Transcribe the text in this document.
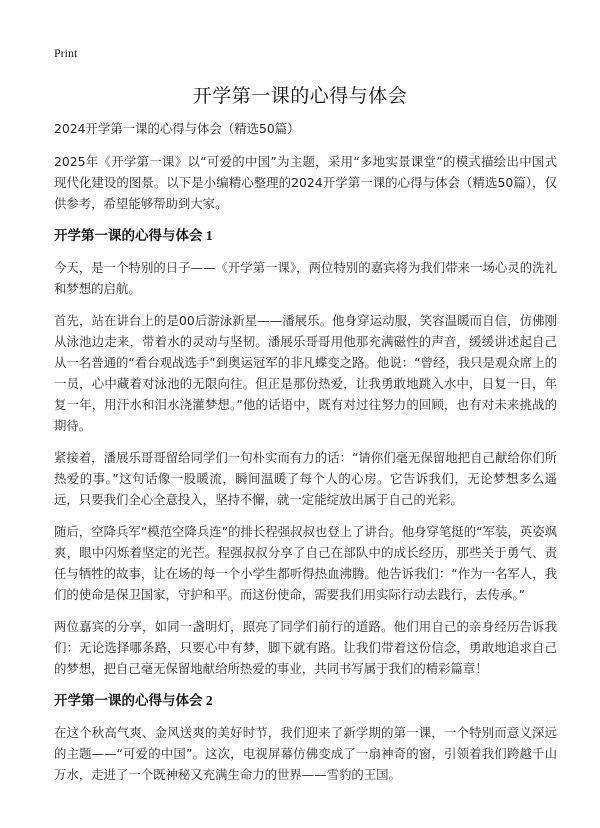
Print
开学第一课的心得与体会

2024开学第一课的心得与体会（精选50篇）

2025年《开学第一课》以“可爱的中国”为主题，采用“多地实景课堂”的模式描绘出中国式现代化建设的图景。以下是小编精心整理的2024开学第一课的心得与体会（精选50篇），仅供参考，希望能够帮助到大家。

开学第一课的心得与体会 1

今天，是一个特别的日子——《开学第一课》，两位特别的嘉宾将为我们带来一场心灵的洗礼和梦想的启航。

首先，站在讲台上的是00后游泳新星——潘展乐。他身穿运动服，笑容温暖而自信，仿佛刚从泳池边走来，带着水的灵动与坚韧。潘展乐哥哥用他那充满磁性的声音，缓缓讲述起自己从一名普通的“看台观战选手”到奥运冠军的非凡蝶变之路。他说：“曾经，我只是观众席上的一员，心中藏着对泳池的无限向往。但正是那份热爱，让我勇敢地跳入水中，日复一日，年复一年，用汗水和泪水浇灌梦想。”他的话语中，既有对过往努力的回顾，也有对未来挑战的期待。

紧接着，潘展乐哥哥留给同学们一句朴实而有力的话：“请你们毫无保留地把自己献给你们所热爱的事。”这句话像一股暖流，瞬间温暖了每个人的心房。它告诉我们，无论梦想多么遥远，只要我们全心全意投入，坚持不懈，就一定能绽放出属于自己的光彩。

随后，空降兵军“模范空降兵连”的排长程强叔叔也登上了讲台。他身穿笔挺的“军装，英姿飒爽，眼中闪烁着坚定的光芒。程强叔叔分享了自己在部队中的成长经历，那些关于勇气、责任与牺牲的故事，让在场的每一个小学生都听得热血沸腾。他告诉我们：“作为一名军人，我们的使命是保卫国家，守护和平。而这份使命，需要我们用实际行动去践行，去传承。”

两位嘉宾的分享，如同一盏明灯，照亮了同学们前行的道路。他们用自己的亲身经历告诉我们：无论选择哪条路，只要心中有梦，脚下就有路。让我们带着这份信念，勇敢地追求自己的梦想，把自己毫无保留地献给所热爱的事业，共同书写属于我们的精彩篇章！

开学第一课的心得与体会 2

在这个秋高气爽、金风送爽的美好时节，我们迎来了新学期的第一课，一个特别而意义深远的主题——“可爱的中国”。这次，电视屏幕仿佛变成了一扇神奇的窗，引领着我们跨越千山万水，走进了一个既神秘又充满生命力的世界——雪豹的王国。
